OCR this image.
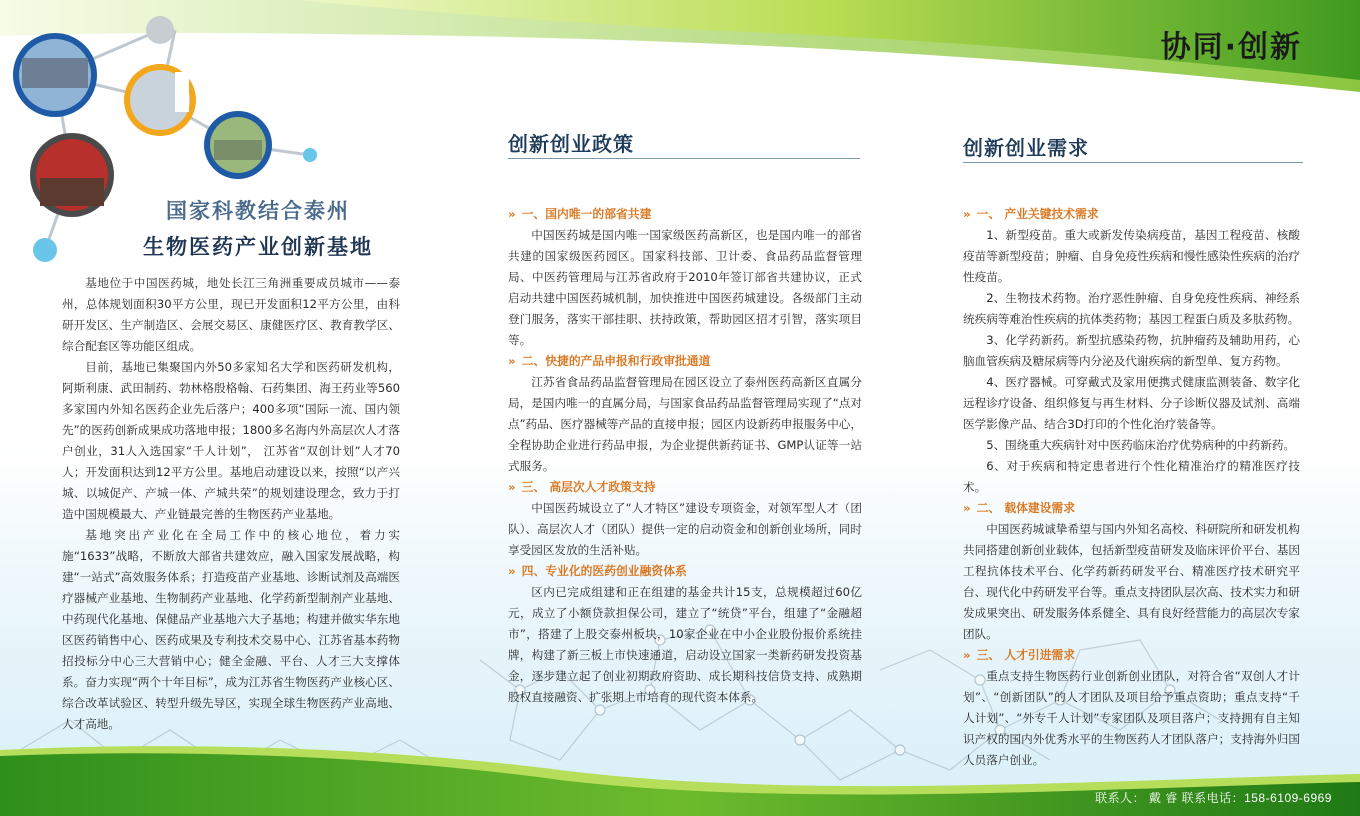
协同·创新
联系人： 戴 睿 联系电话：158-6109-6969
国家科教结合泰州
生物医药产业创新基地

基地位于中国医药城，地处长江三角洲重要成员城市——泰州，总体规划面积30平方公里，现已开发面积12平方公里，由科研开发区、生产制造区、会展交易区、康健医疗区、教育教学区、综合配套区等功能区组成。

目前，基地已集聚国内外50多家知名大学和医药研发机构，阿斯利康、武田制药、勃林格殷格翰、石药集团、海王药业等560多家国内外知名医药企业先后落户；400多项“国际一流、国内领先”的医药创新成果成功落地申报；1800多名海内外高层次人才落户创业，31人入选国家“千人计划”， 江苏省“双创计划”人才70人；开发面积达到12平方公里。基地启动建设以来，按照“以产兴城、以城促产、产城一体、产城共荣”的规划建设理念，致力于打造中国规模最大、产业链最完善的生物医药产业基地。

基地突出产业化在全局工作中的核心地位，着力实施“1633”战略，不断放大部省共建效应，融入国家发展战略，构建“一站式”高效服务体系；打造疫苗产业基地、诊断试剂及高端医疗器械产业基地、生物制药产业基地、化学药新型制剂产业基地、中药现代化基地、保健品产业基地六大子基地；构建并做实华东地区医药销售中心、医药成果及专利技术交易中心、江苏省基本药物招投标分中心三大营销中心；健全金融、平台、人才三大支撑体系。奋力实现“两个十年目标”，成为江苏省生物医药产业核心区、综合改革试验区、转型升级先导区，实现全球生物医药产业高地、人才高地。

创新创业政策

» 一、国内唯一的部省共建

中国医药城是国内唯一国家级医药高新区，也是国内唯一的部省共建的国家级医药园区。国家科技部、卫计委、食品药品监督管理局、中医药管理局与江苏省政府于2010年签订部省共建协议，正式启动共建中国医药城机制，加快推进中国医药城建设。各级部门主动登门服务，落实干部挂职、扶持政策，帮助园区招才引智，落实项目等。

» 二、快捷的产品申报和行政审批通道

江苏省食品药品监督管理局在园区设立了泰州医药高新区直属分局，是国内唯一的直属分局，与国家食品药品监督管理局实现了“点对点”药品、医疗器械等产品的直接申报；园区内设新药申报服务中心，全程协助企业进行药品申报，为企业提供新药证书、GMP认证等一站式服务。

» 三、 高层次人才政策支持

中国医药城设立了“人才特区”建设专项资金，对领军型人才（团队）、高层次人才（团队）提供一定的启动资金和创新创业场所，同时享受园区发放的生活补贴。

» 四、专业化的医药创业融资体系

区内已完成组建和正在组建的基金共计15支，总规模超过60亿元，成立了小额贷款担保公司，建立了“统贷”平台，组建了“金融超市”，搭建了上股交泰州板块，10家企业在中小企业股份报价系统挂牌，构建了新三板上市快速通道，启动设立国家一类新药研发投资基金，逐步建立起了创业初期政府资助、成长期科技信贷支持、成熟期股权直接融资、扩张期上市培育的现代资本体系。

创新创业需求

» 一、 产业关键技术需求

1、新型疫苗。重大或新发传染病疫苗，基因工程疫苗、核酸疫苗等新型疫苗；肿瘤、自身免疫性疾病和慢性感染性疾病的治疗性疫苗。

2、生物技术药物。治疗恶性肿瘤、自身免疫性疾病、神经系统疾病等难治性疾病的抗体类药物；基因工程蛋白质及多肽药物。

3、化学药新药。新型抗感染药物，抗肿瘤药及辅助用药，心脑血管疾病及糖尿病等内分泌及代谢疾病的新型单、复方药物。

4、医疗器械。可穿戴式及家用便携式健康监测装备、数字化远程诊疗设备、组织修复与再生材料、分子诊断仪器及试剂、高端医学影像产品、结合3D打印的个性化治疗装备等。

5、围绕重大疾病针对中医药临床治疗优势病种的中药新药。

6、对于疾病和特定患者进行个性化精准治疗的精准医疗技术。

» 二、 载体建设需求

中国医药城诚挚希望与国内外知名高校、科研院所和研发机构共同搭建创新创业载体，包括新型疫苗研发及临床评价平台、基因工程抗体技术平台、化学药新药研发平台、精准医疗技术研究平台、现代化中药研发平台等。重点支持团队层次高、技术实力和研发成果突出、研发服务体系健全、具有良好经营能力的高层次专家团队。

» 三、 人才引进需求

重点支持生物医药行业创新创业团队，对符合省“双创人才计划”、“创新团队”的人才团队及项目给予重点资助；重点支持“千人计划”、“外专千人计划”专家团队及项目落户；支持拥有自主知识产权的国内外优秀水平的生物医药人才团队落户；支持海外归国人员落户创业。
